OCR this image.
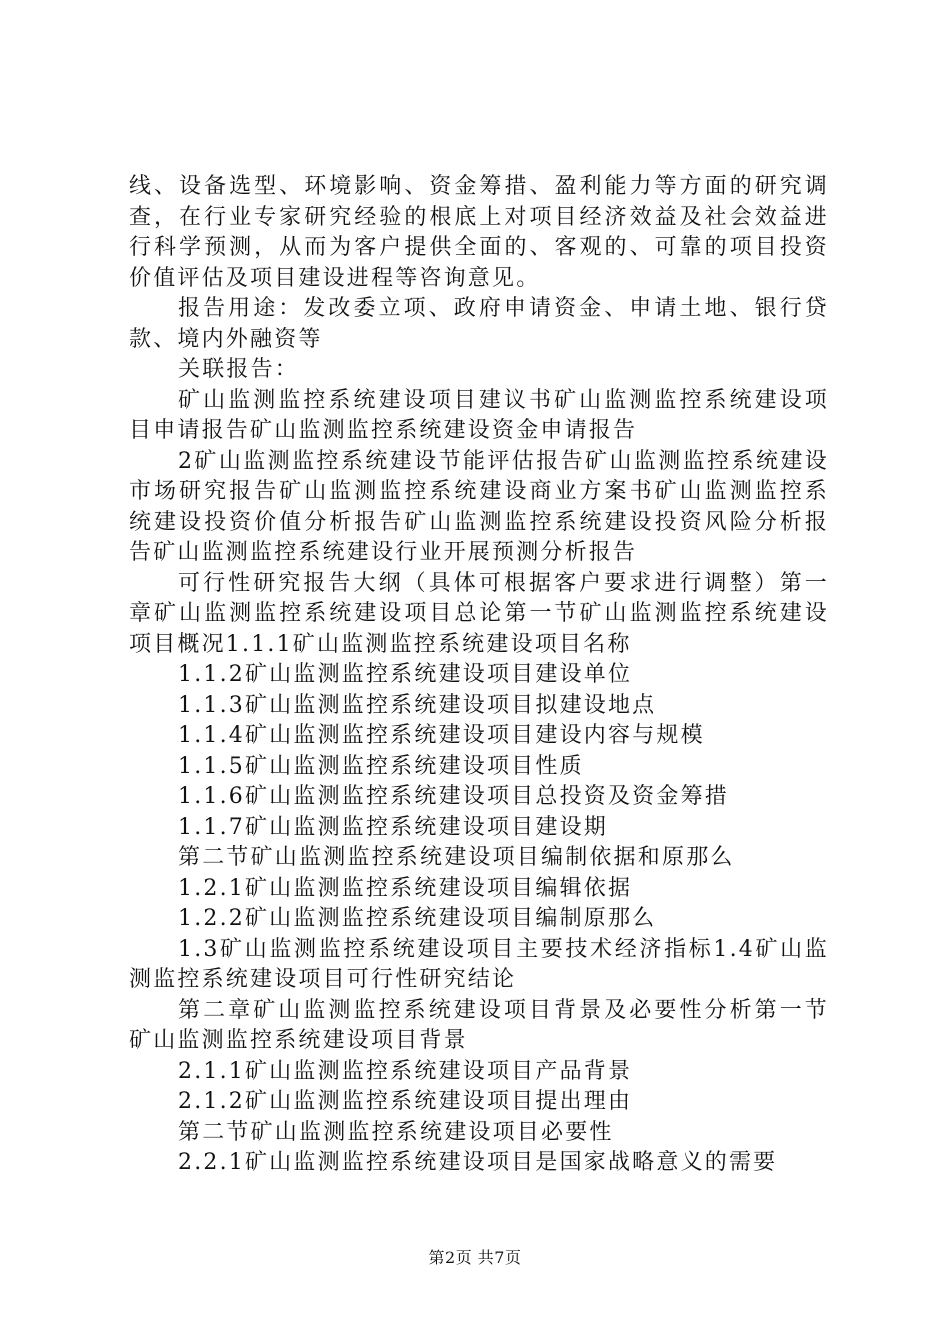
线、设备选型、环境影响、资金筹措、盈利能力等方面的研究调查，在行业专家研究经验的根底上对项目经济效益及社会效益进行科学预测，从而为客户提供全面的、客观的、可靠的项目投资价值评估及项目建设进程等咨询意见。

报告用途：发改委立项、政府申请资金、申请土地、银行贷款、境内外融资等

关联报告：

矿山监测监控系统建设项目建议书矿山监测监控系统建设项目申请报告矿山监测监控系统建设资金申请报告

2矿山监测监控系统建设节能评估报告矿山监测监控系统建设市场研究报告矿山监测监控系统建设商业方案书矿山监测监控系统建设投资价值分析报告矿山监测监控系统建设投资风险分析报告矿山监测监控系统建设行业开展预测分析报告

可行性研究报告大纲（具体可根据客户要求进行调整）第一章矿山监测监控系统建设项目总论第一节矿山监测监控系统建设项目概况1.1.1矿山监测监控系统建设项目名称

1.1.2矿山监测监控系统建设项目建设单位

1.1.3矿山监测监控系统建设项目拟建设地点

1.1.4矿山监测监控系统建设项目建设内容与规模

1.1.5矿山监测监控系统建设项目性质

1.1.6矿山监测监控系统建设项目总投资及资金筹措

1.1.7矿山监测监控系统建设项目建设期

第二节矿山监测监控系统建设项目编制依据和原那么

1.2.1矿山监测监控系统建设项目编辑依据

1.2.2矿山监测监控系统建设项目编制原那么

1.3矿山监测监控系统建设项目主要技术经济指标1.4矿山监测监控系统建设项目可行性研究结论

第二章矿山监测监控系统建设项目背景及必要性分析第一节矿山监测监控系统建设项目背景

2.1.1矿山监测监控系统建设项目产品背景

2.1.2矿山监测监控系统建设项目提出理由

第二节矿山监测监控系统建设项目必要性

2.2.1矿山监测监控系统建设项目是国家战略意义的需要

第2页 共7页
